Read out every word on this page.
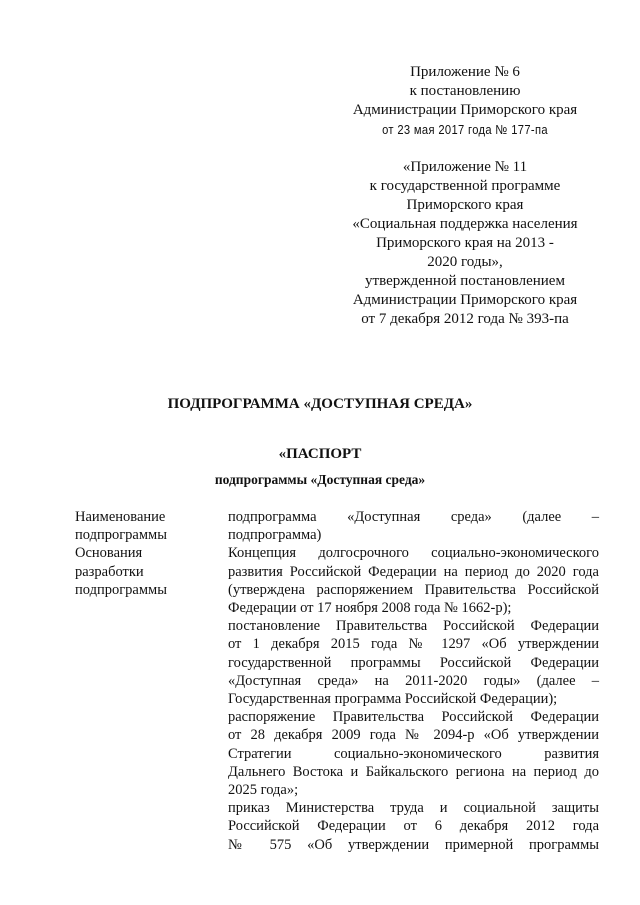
Приложение № 6
к постановлению
Администрации Приморского края
от 23 мая 2017 года № 177-па
«Приложение № 11
к государственной программе
Приморского края
«Социальная поддержка населения
Приморского края на 2013 -
2020 годы»,
утвержденной постановлением
Администрации Приморского края
от 7 декабря 2012 года № 393-па
ПОДПРОГРАММА «ДОСТУПНАЯ СРЕДА»
«ПАСПОРТ
подпрограммы «Доступная среда»
Наименование
подпрограммы
Основания
разработки
подпрограммы
подпрограмма «Доступная среда» (далее –
подпрограмма)
Концепция долгосрочного социально-экономического
развития Российской Федерации на период до 2020 года
(утверждена распоряжением Правительства Российской
Федерации от 17 ноября 2008 года № 1662-р);
постановление Правительства Российской Федерации
от 1 декабря 2015 года № 1297 «Об утверждении
государственной программы Российской Федерации
«Доступная среда» на 2011-2020 годы» (далее –
Государственная программа Российской Федерации);
распоряжение Правительства Российской Федерации
от 28 декабря 2009 года № 2094-р «Об утверждении
Стратегии социально-экономического развития
Дальнего Востока и Байкальского региона на период до
2025 года»;
приказ Министерства труда и социальной защиты
Российской Федерации от 6 декабря 2012 года
№ 575 «Об утверждении примерной программы
